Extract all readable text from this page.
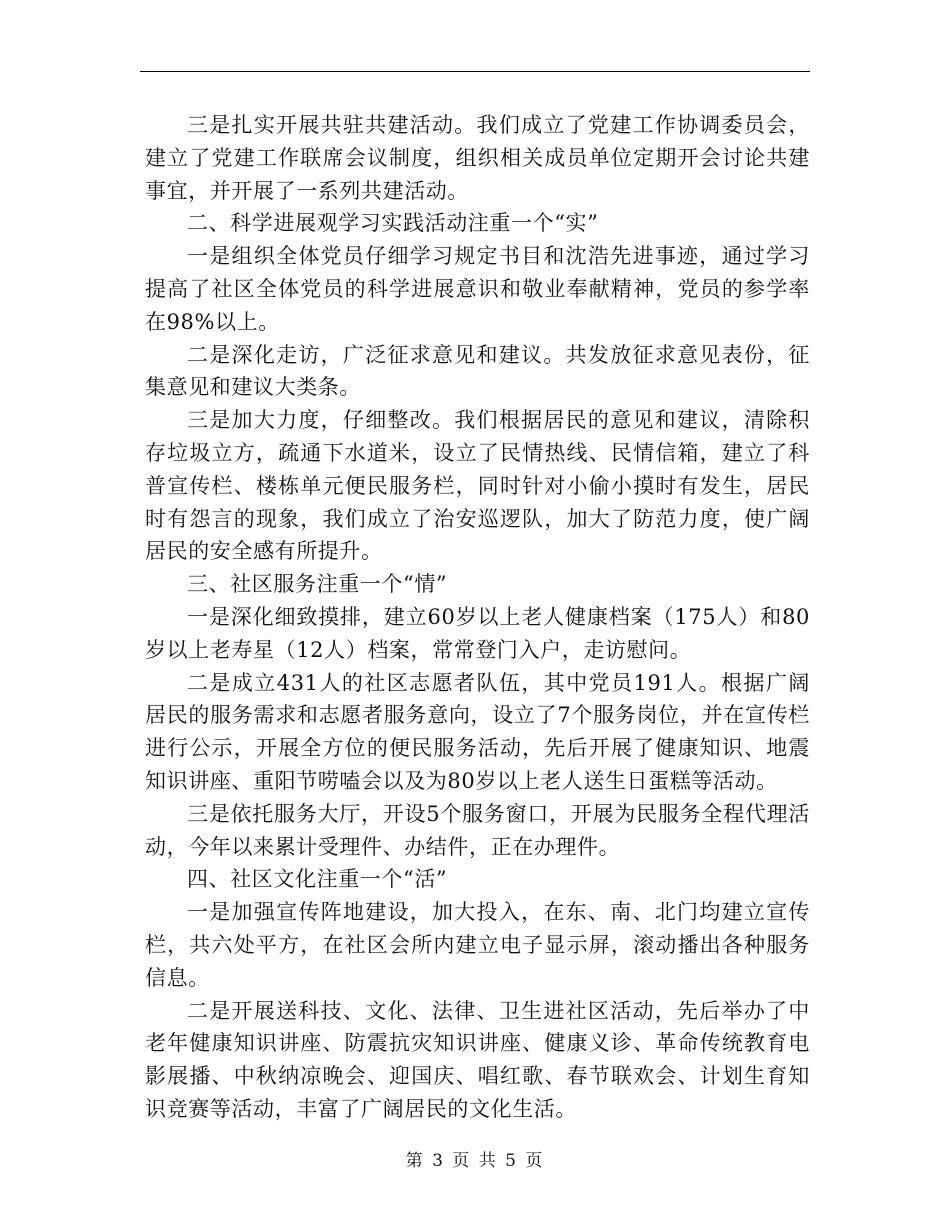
三是扎实开展共驻共建活动。我们成立了党建工作协调委员会，建立了党建工作联席会议制度，组织相关成员单位定期开会讨论共建事宜，并开展了一系列共建活动。

二、科学进展观学习实践活动注重一个“实”

一是组织全体党员仔细学习规定书目和沈浩先进事迹，通过学习提高了社区全体党员的科学进展意识和敬业奉献精神，党员的参学率在98%以上。

二是深化走访，广泛征求意见和建议。共发放征求意见表份，征集意见和建议大类条。

三是加大力度，仔细整改。我们根据居民的意见和建议，清除积存垃圾立方，疏通下水道米，设立了民情热线、民情信箱，建立了科普宣传栏、楼栋单元便民服务栏，同时针对小偷小摸时有发生，居民时有怨言的现象，我们成立了治安巡逻队，加大了防范力度，使广阔居民的安全感有所提升。

三、社区服务注重一个“情”

一是深化细致摸排，建立60岁以上老人健康档案（175人）和80岁以上老寿星（12人）档案，常常登门入户，走访慰问。

二是成立431人的社区志愿者队伍，其中党员191人。根据广阔居民的服务需求和志愿者服务意向，设立了7个服务岗位，并在宣传栏进行公示，开展全方位的便民服务活动，先后开展了健康知识、地震知识讲座、重阳节唠嗑会以及为80岁以上老人送生日蛋糕等活动。

三是依托服务大厅，开设5个服务窗口，开展为民服务全程代理活动，今年以来累计受理件、办结件，正在办理件。

四、社区文化注重一个“活”

一是加强宣传阵地建设，加大投入，在东、南、北门均建立宣传栏，共六处平方，在社区会所内建立电子显示屏，滚动播出各种服务信息。

二是开展送科技、文化、法律、卫生进社区活动，先后举办了中老年健康知识讲座、防震抗灾知识讲座、健康义诊、革命传统教育电影展播、中秋纳凉晚会、迎国庆、唱红歌、春节联欢会、计划生育知识竞赛等活动，丰富了广阔居民的文化生活。

第 3 页 共 5 页
